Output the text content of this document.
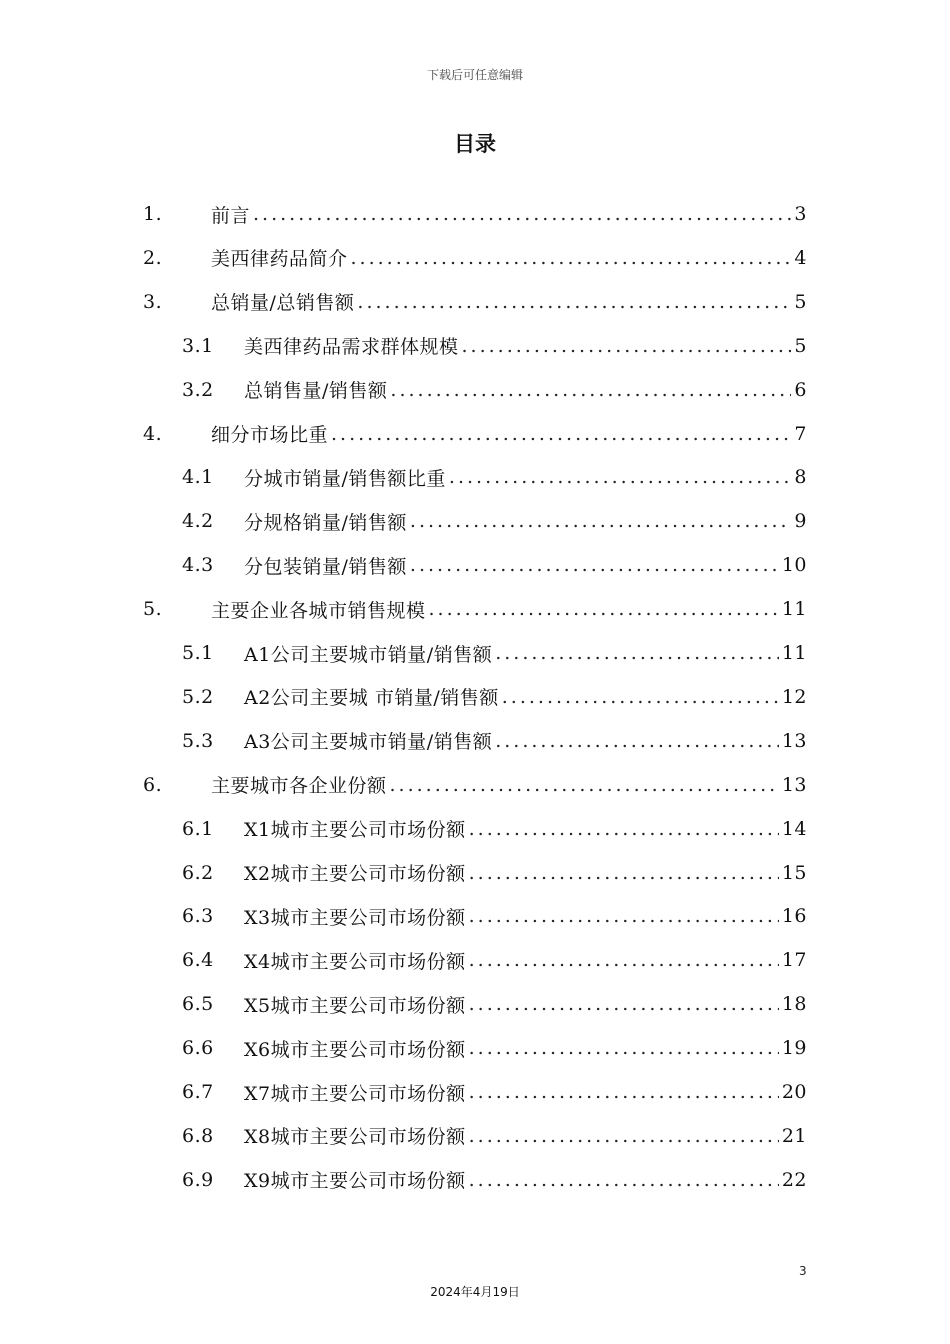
下载后可任意编辑
目录
1.	前言 .....	3
2.	美西律药品简介 .....	4
3.	总销量/总销售额 .....	5
3.1	美西律药品需求群体规模 .....	5
3.2	总销售量/销售额 .....	6
4.	细分市场比重 .....	7
4.1	分城市销量/销售额比重 .....	8
4.2	分规格销量/销售额 .....	9
4.3	分包装销量/销售额 .....	10
5.	主要企业各城市销售规模 .....	11
5.1	A1公司主要城市销量/销售额 .....	11
5.2	A2公司主要城 市销量/销售额 .....	12
5.3	A3公司主要城市销量/销售额 .....	13
6.	主要城市各企业份额 .....	13
6.1	X1城市主要公司市场份额 .....	14
6.2	X2城市主要公司市场份额 .....	15
6.3	X3城市主要公司市场份额 .....	16
6.4	X4城市主要公司市场份额 .....	17
6.5	X5城市主要公司市场份额 .....	18
6.6	X6城市主要公司市场份额 .....	19
6.7	X7城市主要公司市场份额 .....	20
6.8	X8城市主要公司市场份额 .....	21
6.9	X9城市主要公司市场份额 .....	22
3
2024年4月19日
